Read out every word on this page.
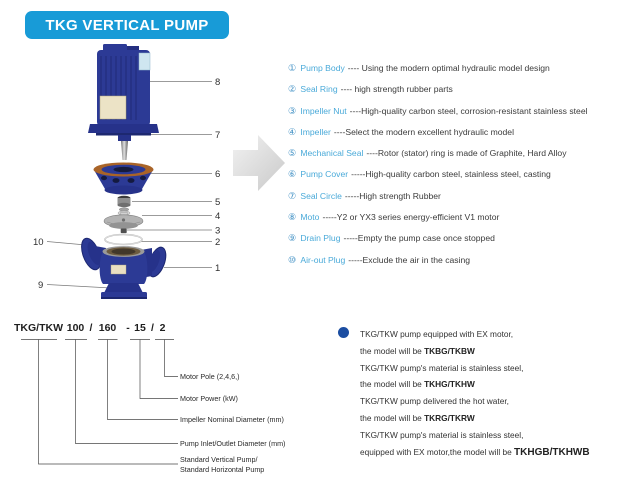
TKG VERTICAL PUMP
8
7
6
5
4
3
2
1
10
9
① Pump Body ---- Using the modern optimal hydraulic model design
② Seal Ring ---- high strength rubber parts
③ Impeller Nut ----High-quality carbon steel, corrosion-resistant stainless steel
④ Impeller ----Select the modern excellent hydraulic model
⑤ Mechanical Seal ----Rotor (stator) ring is made of Graphite, Hard Alloy
⑥ Pump Cover -----High-quality carbon steel, stainless steel, casting
⑦ Seal Circle -----High strength Rubber
⑧ Moto -----Y2 or YX3 series energy-efficient V1 motor
⑨ Drain Plug -----Empty the pump case once stopped
⑩ Air-out Plug -----Exclude the air in the casing
TKG/TKW 100 / 160 - 15 / 2
Motor Pole (2,4,6,)
Motor Power (kW)
Impeller Nominal Diameter (mm)
Pump Inlet/Outlet Diameter (mm)
Standard Vertical Pump/
Standard Horizontal Pump
TKG/TKW pump equipped with EX motor,
the model will be TKBG/TKBW
TKG/TKW pump's material is stainless steel,
the model will be TKHG/TKHW
TKG/TKW pump delivered the hot water,
the model will be TKRG/TKRW
TKG/TKW pump's material is stainless steel,
equipped with EX motor,the model will be TKHGB/TKHWB
